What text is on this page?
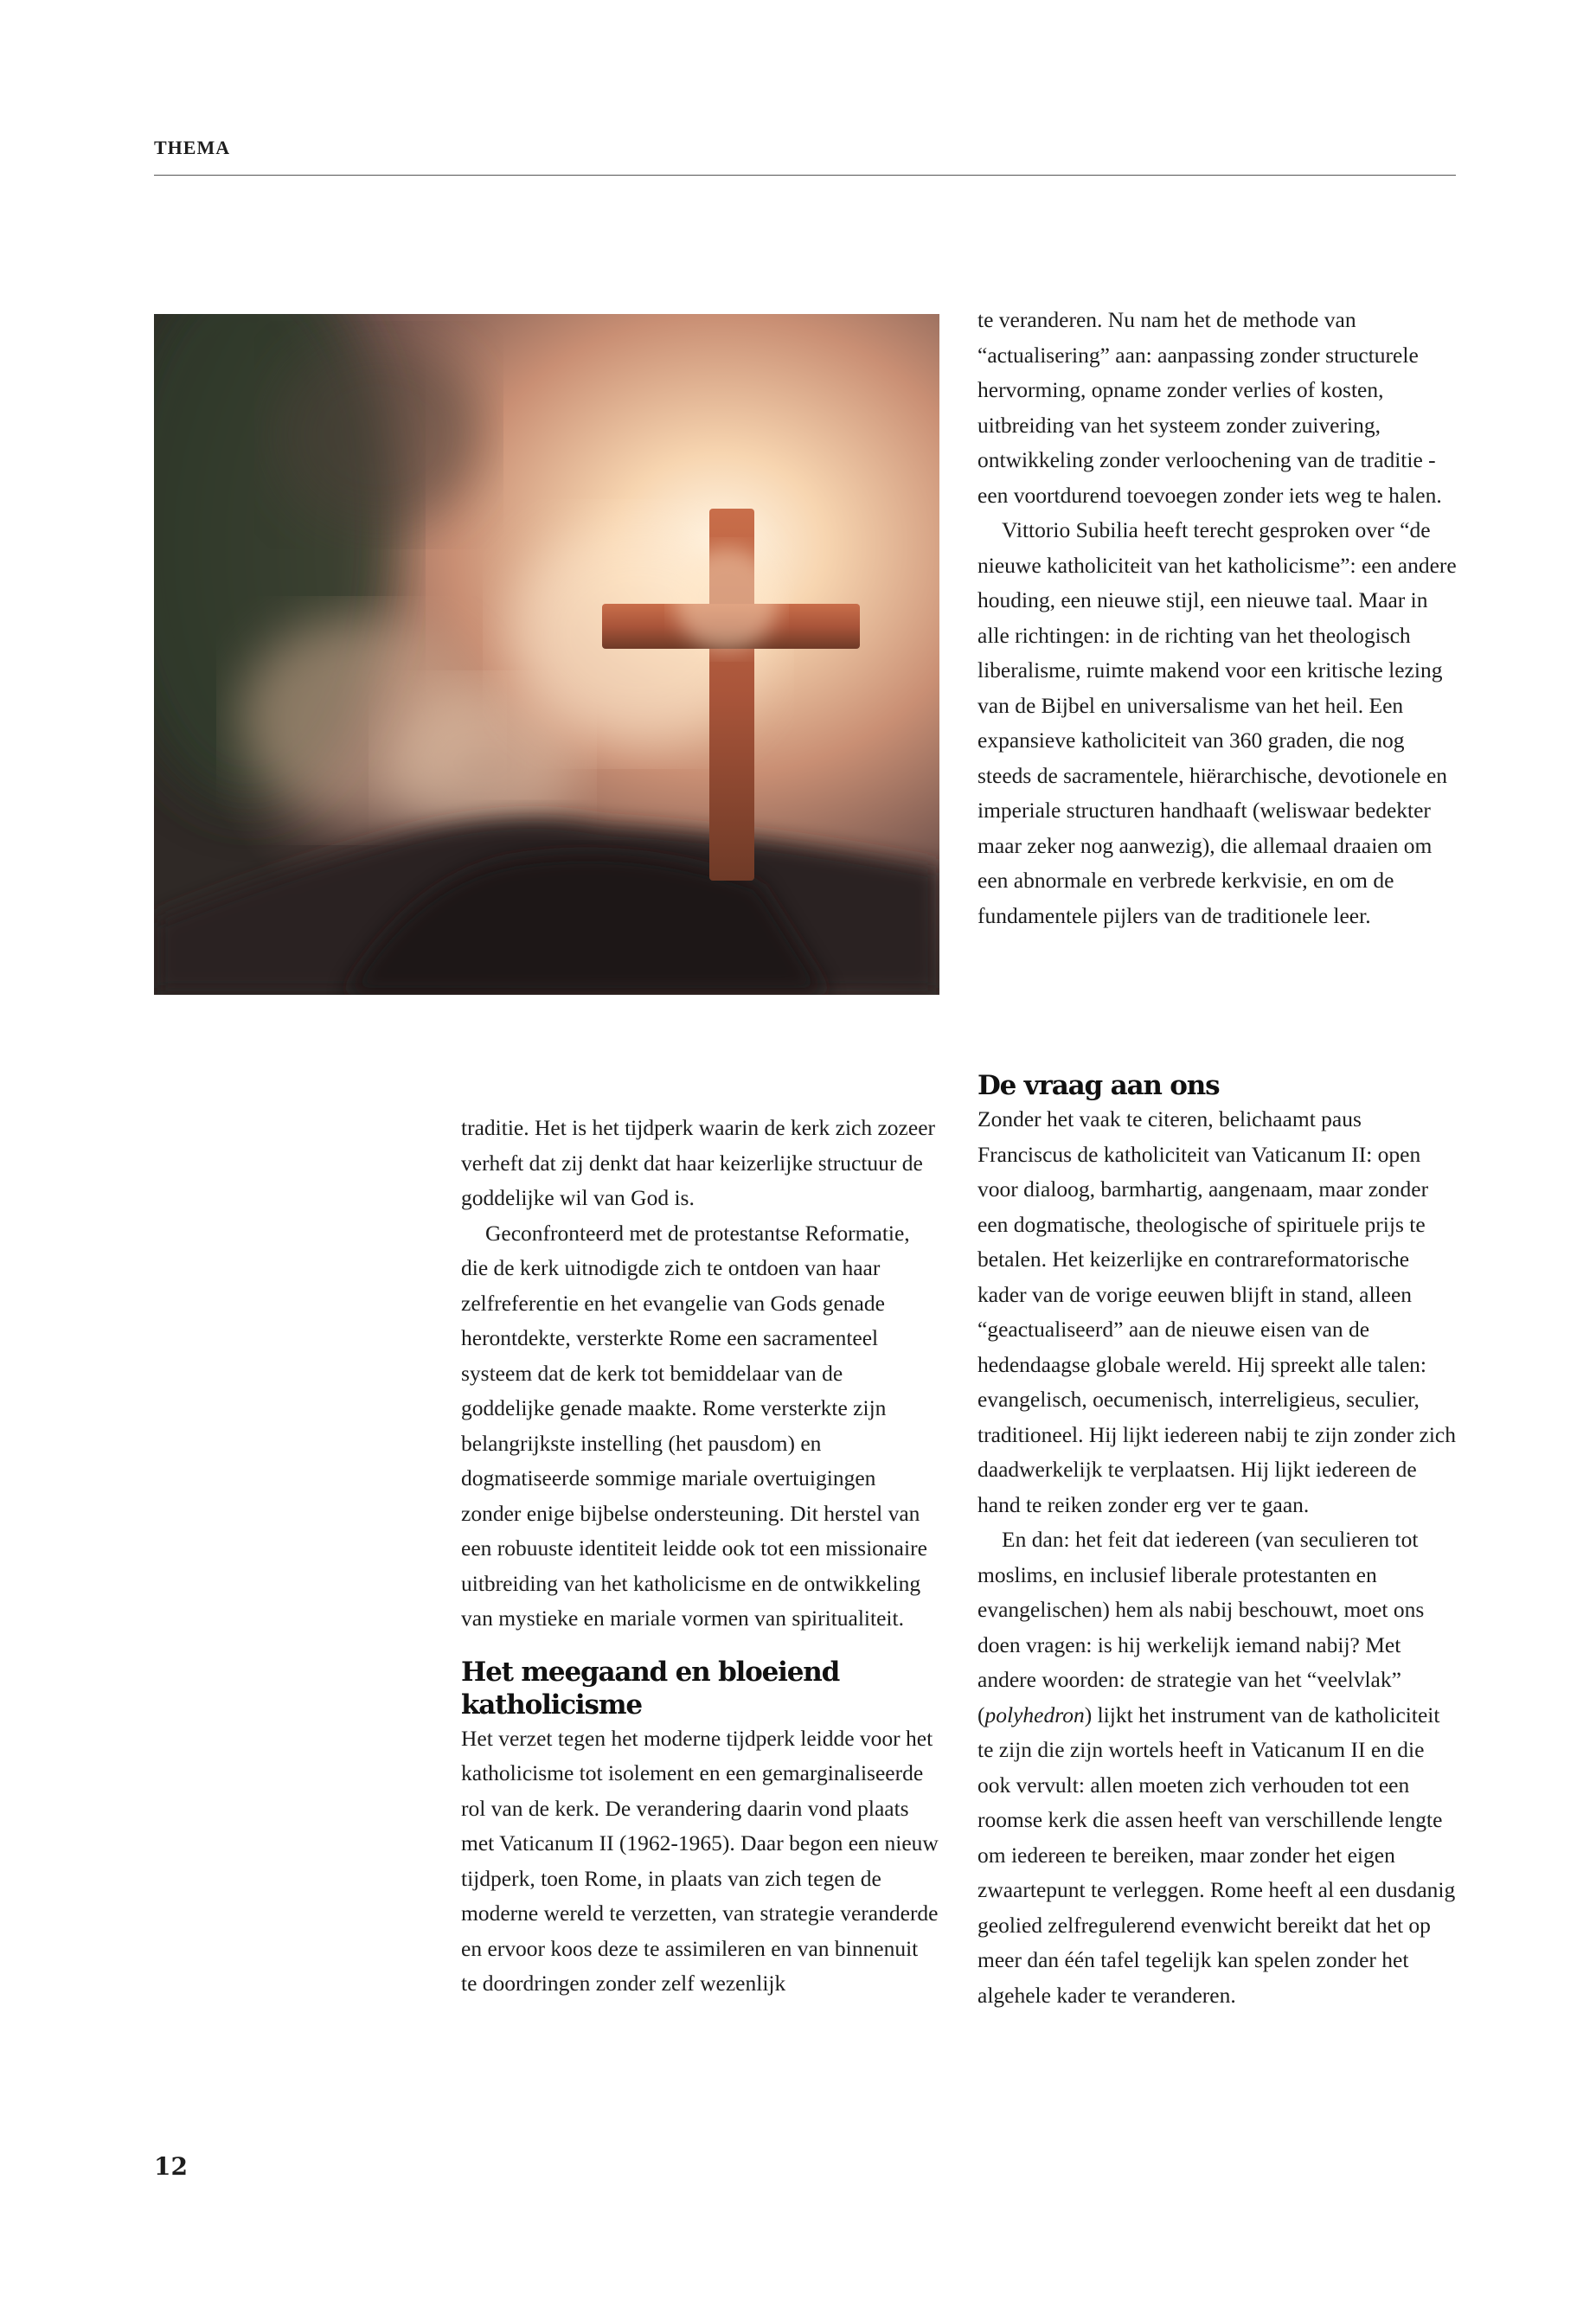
THEMA

traditie. Het is het tijdperk waarin de kerk zich zozeer verheft dat zij denkt dat haar keizerlijke structuur de goddelijke wil van God is.

Geconfronteerd met de protestantse Reformatie, die de kerk uitnodigde zich te ontdoen van haar zelfreferentie en het evangelie van Gods genade herontdekte, versterkte Rome een sacramenteel systeem dat de kerk tot bemiddelaar van de goddelijke genade maakte. Rome versterkte zijn belangrijkste instelling (het pausdom) en dogmatiseerde sommige mariale overtuigingen zonder enige bijbelse ondersteuning. Dit herstel van een robuuste identiteit leidde ook tot een missionaire uitbreiding van het katholicisme en de ontwikkeling van mystieke en mariale vormen van spiritualiteit.

Het meegaand en bloeiend katholicisme

Het verzet tegen het moderne tijdperk leidde voor het katholicisme tot isolement en een gemarginaliseerde rol van de kerk. De verandering daarin vond plaats met Vaticanum II (1962-1965). Daar begon een nieuw tijdperk, toen Rome, in plaats van zich tegen de moderne wereld te verzetten, van strategie veranderde en ervoor koos deze te assimileren en van binnenuit te doordringen zonder zelf wezenlijk

te veranderen. Nu nam het de methode van “actualisering” aan: aanpassing zonder structurele hervorming, opname zonder verlies of kosten, uitbreiding van het systeem zonder zuivering, ontwikkeling zonder verloochening van de traditie - een voortdurend toevoegen zonder iets weg te halen.

Vittorio Subilia heeft terecht gesproken over “de nieuwe katholiciteit van het katholicisme”: een andere houding, een nieuwe stijl, een nieuwe taal. Maar in alle richtingen: in de richting van het theologisch liberalisme, ruimte makend voor een kritische lezing van de Bijbel en universalisme van het heil. Een expansieve katholiciteit van 360 graden, die nog steeds de sacramentele, hiërarchische, devotionele en imperiale structuren handhaaft (weliswaar bedekter maar zeker nog aanwezig), die allemaal draaien om een abnormale en verbrede kerkvisie, en om de fundamentele pijlers van de traditionele leer.

De vraag aan ons

Zonder het vaak te citeren, belichaamt paus Franciscus de katholiciteit van Vaticanum II: open voor dialoog, barmhartig, aangenaam, maar zonder een dogmatische, theologische of spirituele prijs te betalen. Het keizerlijke en contrareformatorische kader van de vorige eeuwen blijft in stand, alleen “geactualiseerd” aan de nieuwe eisen van de hedendaagse globale wereld. Hij spreekt alle talen: evangelisch, oecumenisch, interreligieus, seculier, traditioneel. Hij lijkt iedereen nabij te zijn zonder zich daadwerkelijk te verplaatsen. Hij lijkt iedereen de hand te reiken zonder erg ver te gaan.

En dan: het feit dat iedereen (van seculieren tot moslims, en inclusief liberale protestanten en evangelischen) hem als nabij beschouwt, moet ons doen vragen: is hij werkelijk iemand nabij? Met andere woorden: de strategie van het “veelvlak” (polyhedron) lijkt het instrument van de katholiciteit te zijn die zijn wortels heeft in Vaticanum II en die ook vervult: allen moeten zich verhouden tot een roomse kerk die assen heeft van verschillende lengte om iedereen te bereiken, maar zonder het eigen zwaartepunt te verleggen. Rome heeft al een dusdanig geolied zelfregulerend evenwicht bereikt dat het op meer dan één tafel tegelijk kan spelen zonder het algehele kader te veranderen.

12
